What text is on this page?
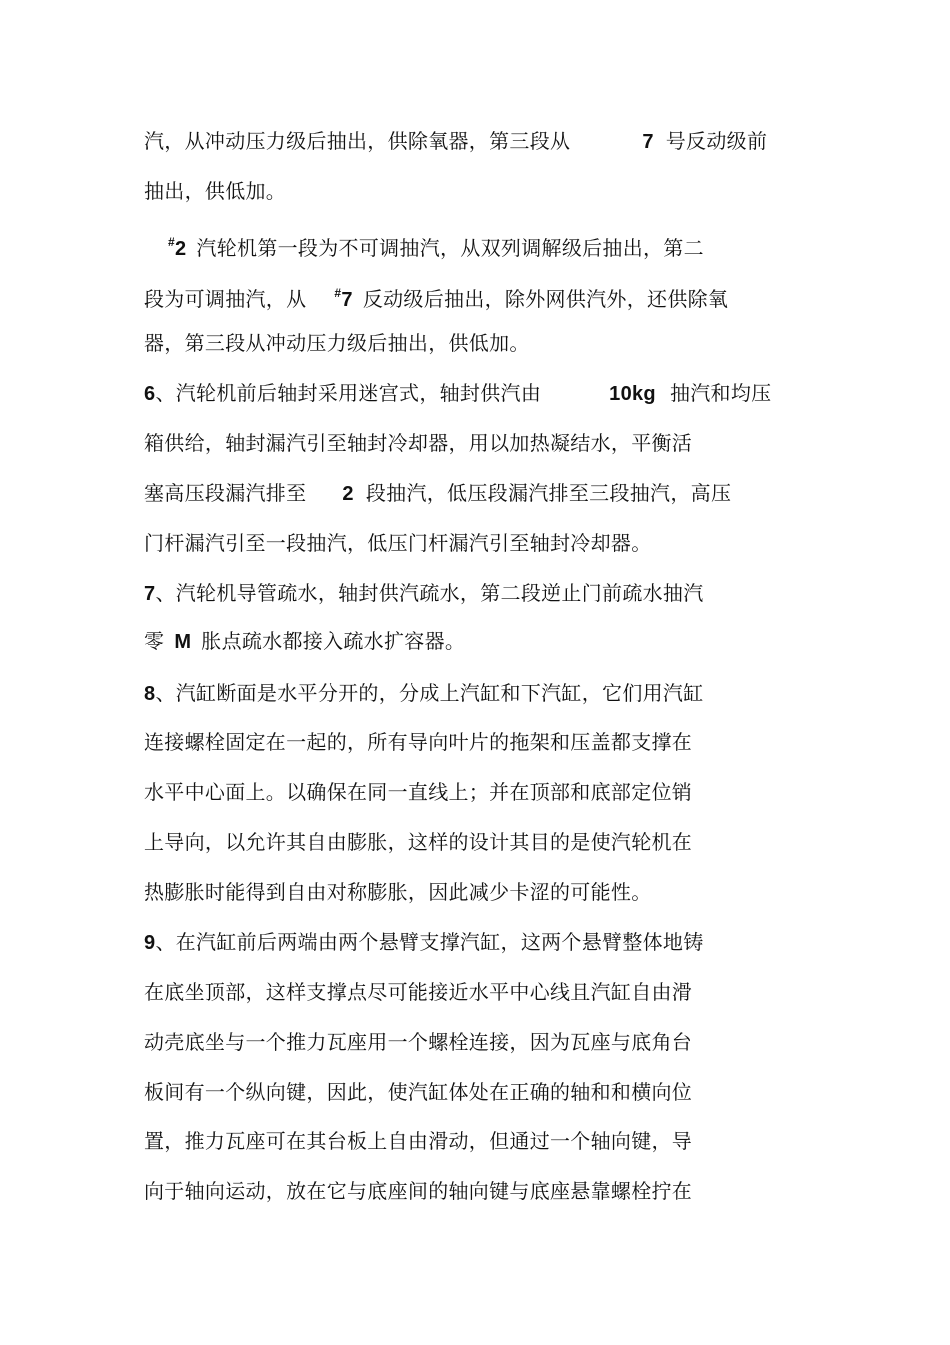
汽，从冲动压力级后抽出，供除氧器，第三段从	7 号反动级前
抽出，供低加。
#2 汽轮机第一段为不可调抽汽，从双列调解级后抽出，第二
段为可调抽汽，从 #7 反动级后抽出，除外网供汽外，还供除氧
器，第三段从冲动压力级后抽出，供低加。
6、汽轮机前后轴封采用迷宫式，轴封供汽由	10kg 抽汽和均压
箱供给，轴封漏汽引至轴封冷却器，用以加热凝结水，平衡活
塞高压段漏汽排至 2 段抽汽，低压段漏汽排至三段抽汽，高压
门杆漏汽引至一段抽汽，低压门杆漏汽引至轴封冷却器。
7、汽轮机导管疏水，轴封供汽疏水，第二段逆止门前疏水抽汽
零 M 胀点疏水都接入疏水扩容器。
8、汽缸断面是水平分开的，分成上汽缸和下汽缸，它们用汽缸
连接螺栓固定在一起的，所有导向叶片的拖架和压盖都支撑在
水平中心面上。以确保在同一直线上；并在顶部和底部定位销
上导向，以允许其自由膨胀，这样的设计其目的是使汽轮机在
热膨胀时能得到自由对称膨胀，因此减少卡涩的可能性。
9、在汽缸前后两端由两个悬臂支撑汽缸，这两个悬臂整体地铸
在底坐顶部，这样支撑点尽可能接近水平中心线且汽缸自由滑
动壳底坐与一个推力瓦座用一个螺栓连接，因为瓦座与底角台
板间有一个纵向键，因此，使汽缸体处在正确的轴和和横向位
置，推力瓦座可在其台板上自由滑动，但通过一个轴向键，导
向于轴向运动，放在它与底座间的轴向键与底座悬靠螺栓拧在
